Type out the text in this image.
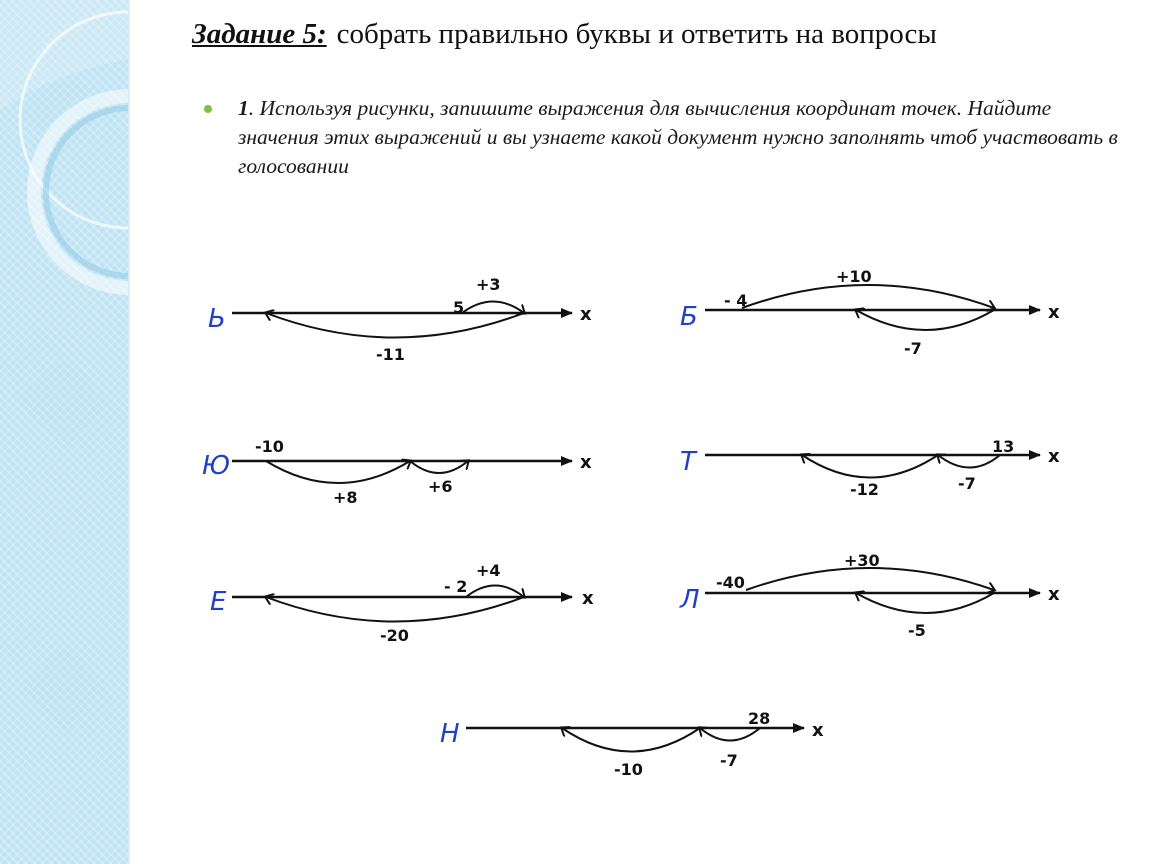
Задание 5: собрать правильно буквы и ответить на вопросы
1. Используя рисунки, запишите выражения для вычисления координат точек. Найдите значения этих выражений и вы узнаете какой документ нужно заполнять чтоб участвовать в голосовании
Ь	x
5
+3
-11
Б	x
- 4
+10
-7
Ю	x
-10
+8
+6
Т	x
13
-7
-12
Е	x
- 2
+4
-20
Л	x
-40
+30
-5
Н	x
28
-7
-10
